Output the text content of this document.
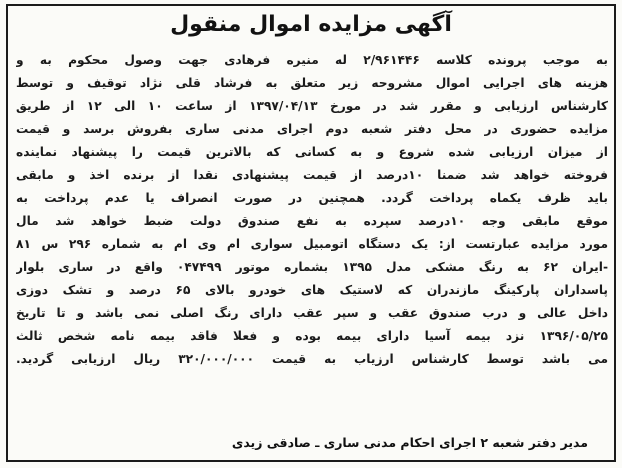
آگهی مزایده اموال منقول
به موجب پرونده کلاسه ۲/۹۶۱۴۴۶ له منیره فرهادی جهت وصول محکوم به و
هزینه های اجرایی اموال مشروحه زیر متعلق به فرشاد قلی نژاد توقیف و توسط
کارشناس ارزیابی و مقرر شد در مورخ ۱۳۹۷/۰۴/۱۳ از ساعت ۱۰ الی ۱۲ از طریق
مزایده حضوری در محل دفتر شعبه دوم اجرای مدنی ساری بفروش برسد و قیمت
از میزان ارزیابی شده شروع و به کسانی که بالاترین قیمت را پیشنهاد نماینده
فروخته خواهد شد ضمنا ۱۰درصد از قیمت پیشنهادی نقدا از برنده اخذ و مابقی
باید ظرف یکماه پرداخت گردد. همچنین در صورت انصراف یا عدم پرداخت به
موقع مابقی وجه ۱۰درصد سپرده به نفع صندوق دولت ضبط خواهد شد مال
مورد مزایده عبارتست از: یک دستگاه اتومبیل سواری ام وی ام به شماره ۲۹۶ س ۸۱
-ایران ۶۲ به رنگ مشکی مدل ۱۳۹۵ بشماره موتور ۰۴۷۴۹۹ واقع در ساری بلوار
پاسداران پارکینگ مازندران که لاستیک های خودرو بالای ۶۵ درصد و تشک دوزی
داخل عالی و درب صندوق عقب و سپر عقب دارای رنگ اصلی نمی باشد و تا تاریخ
۱۳۹۶/۰۵/۲۵ نزد بیمه آسیا دارای بیمه بوده و فعلا فاقد بیمه نامه شخص ثالث
می باشد توسط کارشناس ارزیاب به قیمت ۳۲۰/۰۰۰/۰۰۰ ریال ارزیابی گردید.
مدیر دفتر شعبه ۲ اجرای احکام مدنی ساری ـ صادقی زیدی
